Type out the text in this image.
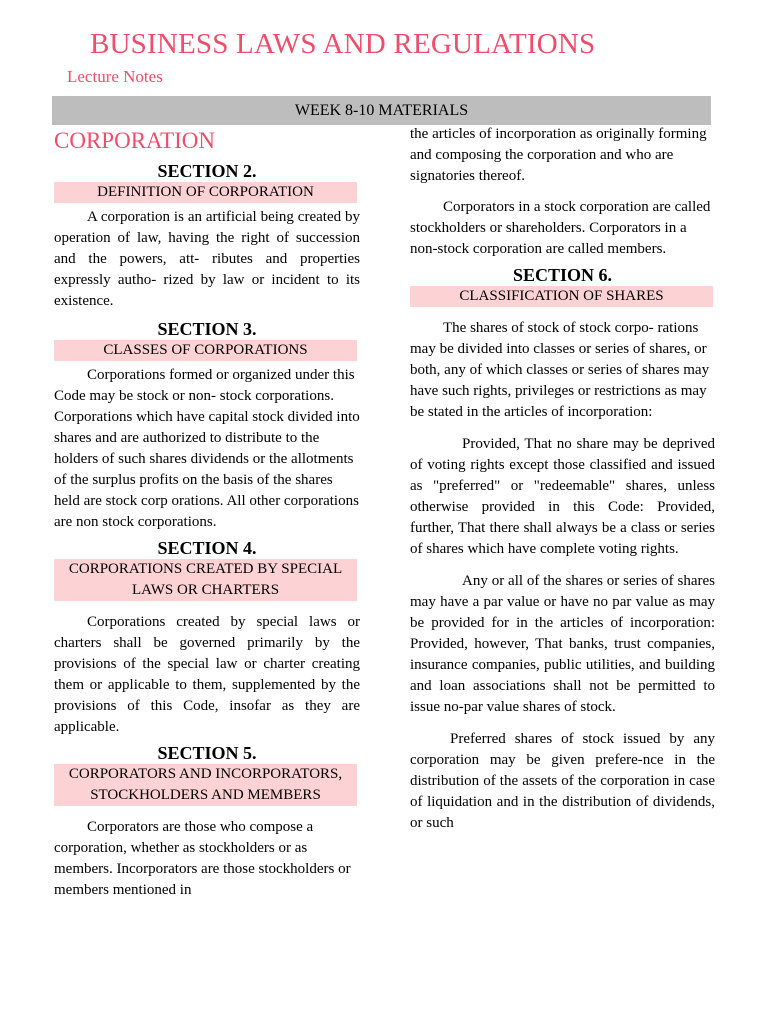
BUSINESS LAWS AND REGULATIONS
Lecture Notes
WEEK 8-10 MATERIALS
CORPORATION
SECTION 2.
DEFINITION OF CORPORATION

A corporation is an artificial being created by operation of law, having the right of succession and the powers, att- ributes and properties expressly autho- rized by law or incident to its existence.

SECTION 3.
CLASSES OF CORPORATIONS

Corporations formed or organized under this Code may be stock or non- stock corporations. Corporations which have capital stock divided into shares and are authorized to distribute to the holders of such shares dividends or the allotments of the surplus profits on the basis of the shares held are stock corp orations. All other corporations are non stock corporations.

SECTION 4.
CORPORATIONS CREATED BY SPECIAL LAWS OR CHARTERS

Corporations created by special laws or charters shall be governed primarily by the provisions of the special law or charter creating them or applicable to them, supplemented by the provisions of this Code, insofar as they are applicable.

SECTION 5.
CORPORATORS AND INCORPORATORS, STOCKHOLDERS AND MEMBERS

Corporators are those who compose a corporation, whether as stockholders or as members. Incorporators are those stockholders or members mentioned in

the articles of incorporation as originally forming and composing the corporation and who are signatories thereof.

Corporators in a stock corporation are called stockholders or shareholders. Corporators in a non-stock corporation are called members.

SECTION 6.
CLASSIFICATION OF SHARES

The shares of stock of stock corpo- rations may be divided into classes or series of shares, or both, any of which classes or series of shares may have such rights, privileges or restrictions as may be stated in the articles of incorporation:

Provided, That no share may be deprived of voting rights except those classified and issued as "preferred" or "redeemable" shares, unless otherwise provided in this Code: Provided, further, That there shall always be a class or series of shares which have complete voting rights.

Any or all of the shares or series of shares may have a par value or have no par value as may be provided for in the articles of incorporation: Provided, however, That banks, trust companies, insurance companies, public utilities, and building and loan associations shall not be permitted to issue no-par value shares of stock.

Preferred shares of stock issued by any corporation may be given prefere-nce in the distribution of the assets of the corporation in case of liquidation and in the distribution of dividends, or such
